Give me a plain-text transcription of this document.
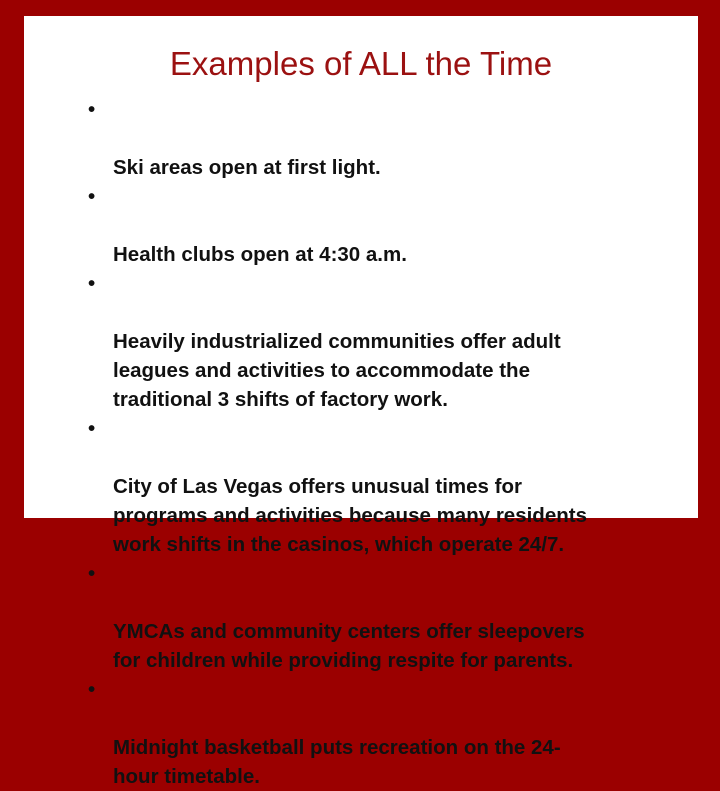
Examples of ALL the Time

•

Ski areas open at first light.

•

Health clubs open at 4:30 a.m.

•

Heavily industrialized communities offer adult
leagues and activities to accommodate the
traditional 3 shifts of factory work.

•

City of Las Vegas offers unusual times for
programs and activities because many residents
work shifts in the casinos, which operate 24/7.

•

YMCAs and community centers offer sleepovers
for children while providing respite for parents.

•

Midnight basketball puts recreation on the 24-
hour timetable.
